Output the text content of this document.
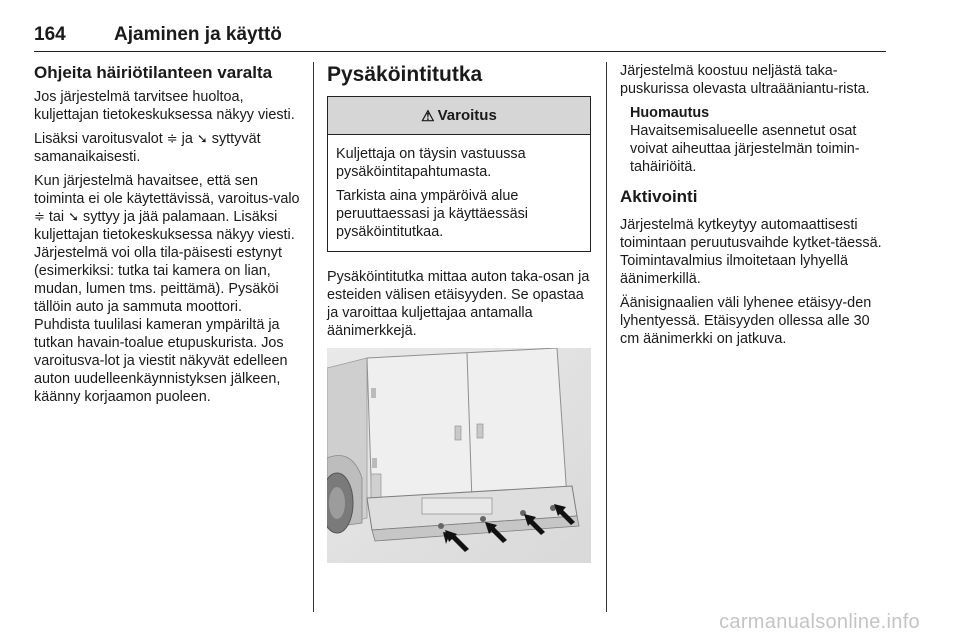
164	Ajaminen ja käyttö
Ohjeita häiriötilanteen varalta

Jos järjestelmä tarvitsee huoltoa, kuljettajan tietokeskuksessa näkyy viesti.

Lisäksi varoitusvalot ≑ ja ➘ syttyvät samanaikaisesti.

Kun järjestelmä havaitsee, että sen toiminta ei ole käytettävissä, varoitus-valo ≑ tai ➘ syttyy ja jää palamaan. Lisäksi kuljettajan tietokeskuksessa näkyy viesti. Järjestelmä voi olla tila-päisesti estynyt (esimerkiksi: tutka tai kamera on lian, mudan, lumen tms. peittämä). Pysäköi tällöin auto ja sammuta moottori. Puhdista tuulilasi kameran ympäriltä ja tutkan havain-toalue etupuskurista. Jos varoitusva-lot ja viestit näkyvät edelleen auton uudelleenkäynnistyksen jälkeen, käänny korjaamon puoleen.

Pysäköintitutka
⚠ Varoitus

Kuljettaja on täysin vastuussa pysäköintitapahtumasta.

Tarkista aina ympäröivä alue peruuttaessasi ja käyttäessäsi pysäköintitutkaa.

Pysäköintitutka mittaa auton taka-osan ja esteiden välisen etäisyyden. Se opastaa ja varoittaa kuljettajaa antamalla äänimerkkejä.

Järjestelmä koostuu neljästä taka-puskurissa olevasta ultraääniantu-rista.

Huomautus

Havaitsemisalueelle asennetut osat voivat aiheuttaa järjestelmän toimin-tahäiriöitä.

Aktivointi

Järjestelmä kytkeytyy automaattisesti toimintaan peruutusvaihde kytket-täessä. Toimintavalmius ilmoitetaan lyhyellä äänimerkillä.

Äänisignaalien väli lyhenee etäisyy-den lyhentyessä. Etäisyyden ollessa alle 30 cm äänimerkki on jatkuva.

carmanualsonline.info
